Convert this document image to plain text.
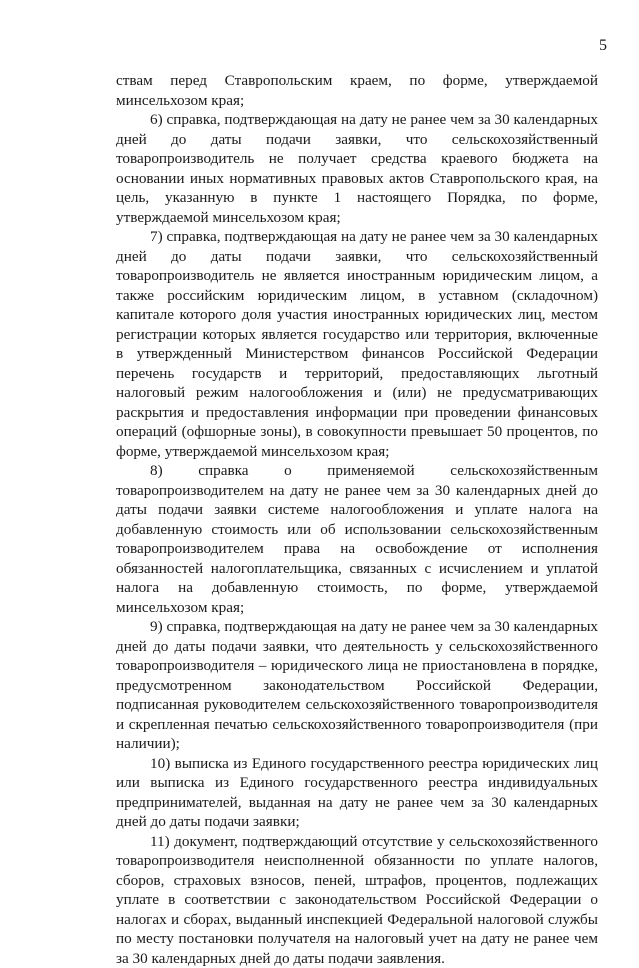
5

ствам перед Ставропольским краем, по форме, утверждаемой минсельхозом края;

6) справка, подтверждающая на дату не ранее чем за 30 календарных дней до даты подачи заявки, что сельскохозяйственный товаропроизводитель не получает средства краевого бюджета на основании иных нормативных правовых актов Ставропольского края, на цель, указанную в пункте 1 настоящего Порядка, по форме, утверждаемой минсельхозом края;

7) справка, подтверждающая на дату не ранее чем за 30 календарных дней до даты подачи заявки, что сельскохозяйственный товаропроизводитель не является иностранным юридическим лицом, а также российским юридическим лицом, в уставном (складочном) капитале которого доля участия иностранных юридических лиц, местом регистрации которых является государство или территория, включенные в утвержденный Министерством финансов Российской Федерации перечень государств и территорий, предоставляющих льготный налоговый режим налогообложения и (или) не предусматривающих раскрытия и предоставления информации при проведении финансовых операций (офшорные зоны), в совокупности превышает 50 процентов, по форме, утверждаемой минсельхозом края;

8) справка о применяемой сельскохозяйственным товаропроизводителем на дату не ранее чем за 30 календарных дней до даты подачи заявки системе налогообложения и уплате налога на добавленную стоимость или об использовании сельскохозяйственным товаропроизводителем права на освобождение от исполнения обязанностей налогоплательщика, связанных с исчислением и уплатой налога на добавленную стоимость, по форме, утверждаемой минсельхозом края;

9) справка, подтверждающая на дату не ранее чем за 30 календарных дней до даты подачи заявки, что деятельность у сельскохозяйственного товаропроизводителя – юридического лица не приостановлена в порядке, предусмотренном законодательством Российской Федерации, подписанная руководителем сельскохозяйственного товаропроизводителя и скрепленная печатью сельскохозяйственного товаропроизводителя (при наличии);

10) выписка из Единого государственного реестра юридических лиц или выписка из Единого государственного реестра индивидуальных предпринимателей, выданная на дату не ранее чем за 30 календарных дней до даты подачи заявки;

11) документ, подтверждающий отсутствие у сельскохозяйственного товаропроизводителя неисполненной обязанности по уплате налогов, сборов, страховых взносов, пеней, штрафов, процентов, подлежащих уплате в соответствии с законодательством Российской Федерации о налогах и сборах, выданный инспекцией Федеральной налоговой службы по месту постановки получателя на налоговый учет на дату не ранее чем за 30 календарных дней до даты подачи заявления.
